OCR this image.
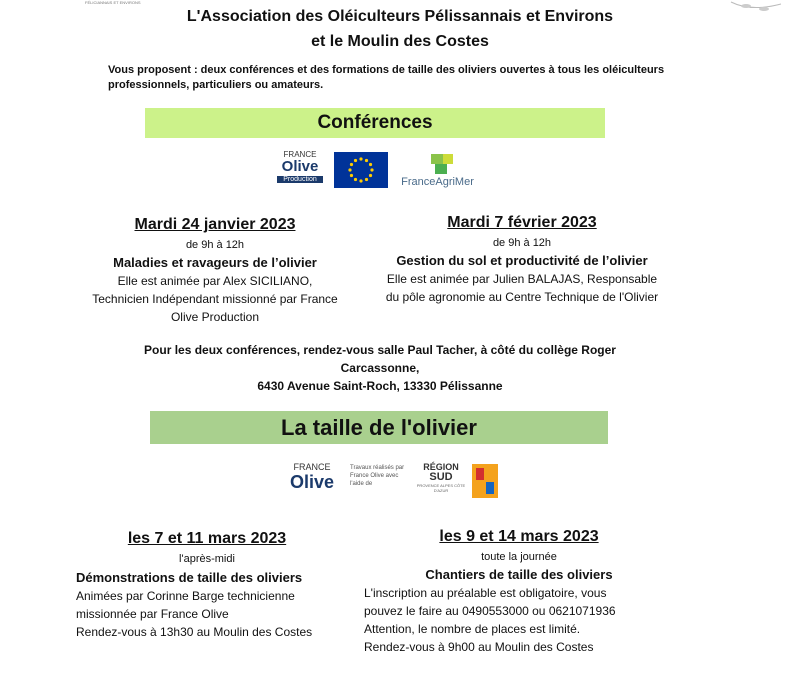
FÉLICIANNAIS ET ENVIRONS
L'Association des Oléiculteurs Pélissannais et Environs
et le Moulin des Costes
Vous proposent : deux conférences et des formations de taille des oliviers ouvertes à tous les oléiculteurs professionnels, particuliers ou amateurs.
Conférences
FRANCE
Olive
Production	FranceAgriMer
Mardi 24 janvier 2023
de 9h à 12h
Maladies et ravageurs de l’olivier
Elle est animée par Alex SICILIANO, Technicien Indépendant missionné par France Olive Production
Mardi 7 février 2023
de 9h à 12h
Gestion du sol et productivité de l’olivier
Elle est animée par Julien BALAJAS, Responsable du pôle agronomie au Centre Technique de l'Olivier
Pour les deux conférences, rendez-vous salle Paul Tacher, à côté du collège Roger Carcassonne,
6430 Avenue Saint-Roch, 13330 Pélissanne
La taille de l'olivier
FRANCE
Olive
Travaux réalisés par France Olive avec l'aide de
RÉGION
SUD
PROVENCE ALPES CÔTE D'AZUR
les 7 et 11 mars 2023
l'après-midi
Démonstrations de taille des oliviers
Animées par Corinne Barge technicienne
missionnée par France Olive
Rendez-vous à 13h30 au Moulin des Costes
les 9 et 14 mars 2023
toute la journée
Chantiers de taille des oliviers
L'inscription au préalable est obligatoire, vous
pouvez le faire au 0490553000 ou 0621071936
Attention, le nombre de places est limité.
Rendez-vous à 9h00 au Moulin des Costes
